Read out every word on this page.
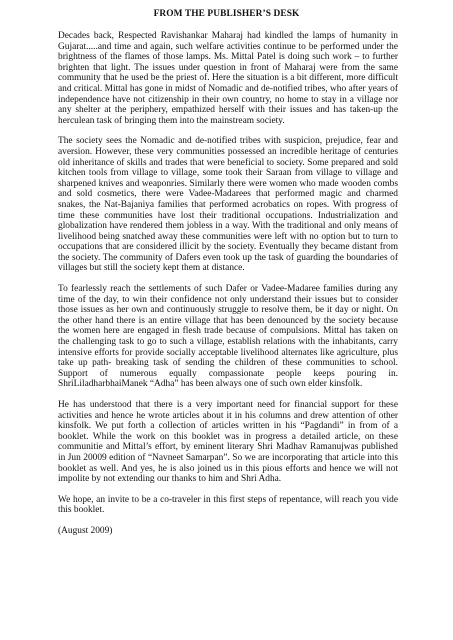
FROM THE PUBLISHER’S DESK

Decades back, Respected Ravishankar Maharaj had kindled the lamps of humanity in Gujarat.....and time and again, such welfare activities continue to be performed under the brightness of the flames of those lamps. Ms. Mittal Patel is doing such work – to further brighten that light. The issues under question in front of Maharaj were from the same community that he used be the priest of. Here the situation is a bit different, more difficult and critical. Mittal has gone in midst of Nomadic and de-notified tribes, who after years of independence have not citizenship in their own country, no home to stay in a village nor any shelter at the periphery, empathized herself with their issues and has taken-up the herculean task of bringing them into the mainstream society.

The society sees the Nomadic and de-notified tribes with suspicion, prejudice, fear and aversion. However, these very communities possessed an incredible heritage of centuries old inheritance of skills and trades that were beneficial to society. Some prepared and sold kitchen tools from village to village, some took their Saraan from village to village and sharpened knives and weaponries. Similarly there were women who made wooden combs and sold cosmetics, there were Vadee-Madarees that performed magic and charmed snakes, the Nat-Bajaniya families that performed acrobatics on ropes. With progress of time these communities have lost their traditional occupations. Industrialization and globalization have rendered them jobless in a way. With the traditional and only means of livelihood being snatched away these communities were left with no option but to turn to occupations that are considered illicit by the society. Eventually they became distant from the society. The community of Dafers even took up the task of guarding the boundaries of villages but still the society kept them at distance.

To fearlessly reach the settlements of such Dafer or Vadee-Madaree families during any time of the day, to win their confidence not only understand their issues but to consider those issues as her own and continuously struggle to resolve them, be it day or night. On the other hand there is an entire village that has been denounced by the society because the women here are engaged in flesh trade because of compulsions. Mittal has taken on the challenging task to go to such a village, establish relations with the inhabitants, carry intensive efforts for provide socially acceptable livelihood alternates like agriculture, plus take up path- breaking task of sending the children of these communities to school. Support of numerous equally compassionate people keeps pouring in. ShriLiladharbhaiManek “Adha” has been always one of such own elder kinsfolk.

He has understood that there is a very important need for financial support for these activities and hence he wrote articles about it in his columns and drew attention of other kinsfolk. We put forth a collection of articles written in his “Pagdandi” in from of a booklet. While the work on this booklet was in progress a detailed article, on these communitie and Mittal’s effort, by eminent literary Shri Madhav Ramanujwas published in Jun 20009 edition of “Navneet Samarpan”. So we are incorporating that article into this booklet as well. And yes, he is also joined us in this pious efforts and hence we will not impolite by not extending our thanks to him and Shri Adha.

We hope, an invite to be a co-traveler in this first steps of repentance, will reach you vide this booklet.

(August 2009)
